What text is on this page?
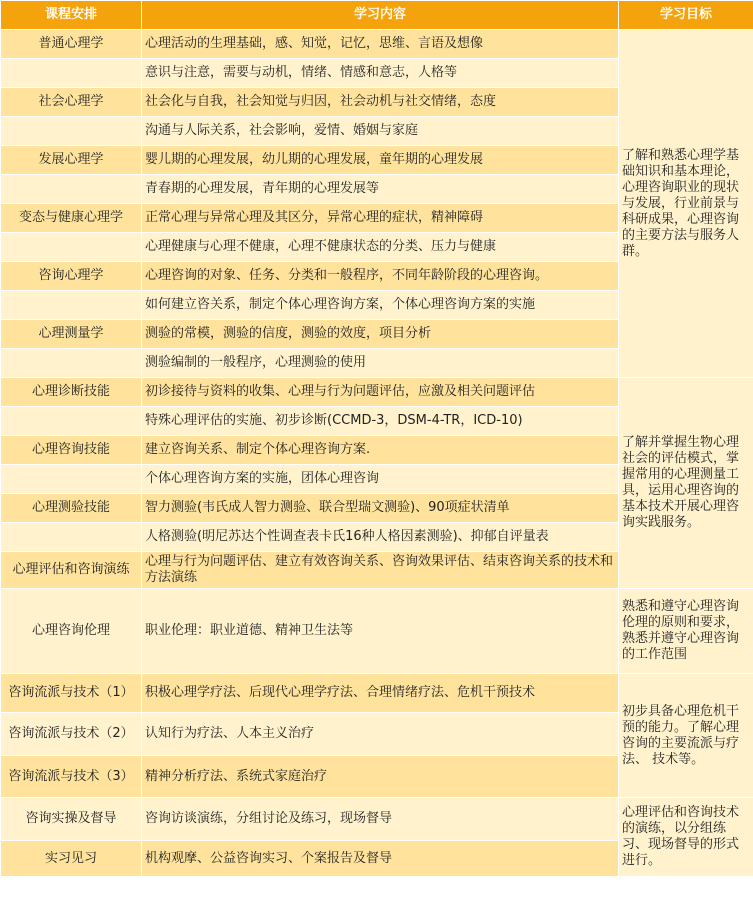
课程安排	学习内容	学习目标
普通心理学	心理活动的生理基础，感、知觉，记忆，思维、言语及想像	了解和熟悉心理学基础知识和基本理论，心理咨询职业的现状与发展，行业前景与科研成果，心理咨询的主要方法与服务人群。
	意识与注意，需要与动机，情绪、情感和意志，人格等	
社会心理学	社会化与自我，社会知觉与归因，社会动机与社交情绪，态度	
	沟通与人际关系，社会影响，爱情、婚姻与家庭	
发展心理学	婴儿期的心理发展，幼儿期的心理发展，童年期的心理发展	
	青春期的心理发展，青年期的心理发展等	
变态与健康心理学	正常心理与异常心理及其区分，异常心理的症状，精神障碍	
	心理健康与心理不健康，心理不健康状态的分类、压力与健康	
咨询心理学	心理咨询的对象、任务、分类和一般程序，不同年龄阶段的心理咨询。	
	如何建立咨关系，制定个体心理咨询方案，个体心理咨询方案的实施	
心理测量学	测验的常模，测验的信度，测验的效度，项目分析	
	测验编制的一般程序，心理测验的使用	
心理诊断技能	初诊接待与资料的收集、心理与行为问题评估，应激及相关问题评估	了解并掌握生物心理社会的评估模式，掌握常用的心理测量工具，运用心理咨询的基本技术开展心理咨询实践服务。
	特殊心理评估的实施、初步诊断(CCMD-3，DSM-4-TR，ICD-10)	
心理咨询技能	建立咨询关系、制定个体心理咨询方案.	
	个体心理咨询方案的实施，团体心理咨询	
心理测验技能	智力测验(韦氏成人智力测验、联合型瑞文测验)、90项症状清单	
	人格测验(明尼苏达个性调查表卡氏16种人格因素测验)、抑郁自评量表	
心理评估和咨询演练	心理与行为问题评估、建立有效咨询关系、咨询效果评估、结束咨询关系的技术和方法演练	
心理咨询伦理	职业伦理：职业道德、精神卫生法等	熟悉和遵守心理咨询伦理的原则和要求，熟悉并遵守心理咨询的工作范围
咨询流派与技术（1）	积极心理学疗法、后现代心理学疗法、合理情绪疗法、危机干预技术	初步具备心理危机干预的能力。了解心理咨询的主要流派与疗法、 技术等。
咨询流派与技术（2）	认知行为疗法、人本主义治疗	
咨询流派与技术（3）	精神分析疗法、系统式家庭治疗	
咨询实操及督导	咨询访谈演练，分组讨论及练习，现场督导	心理评估和咨询技术的演练，以分组练习、现场督导的形式进行。
实习见习	机构观摩、公益咨询实习、个案报告及督导	
